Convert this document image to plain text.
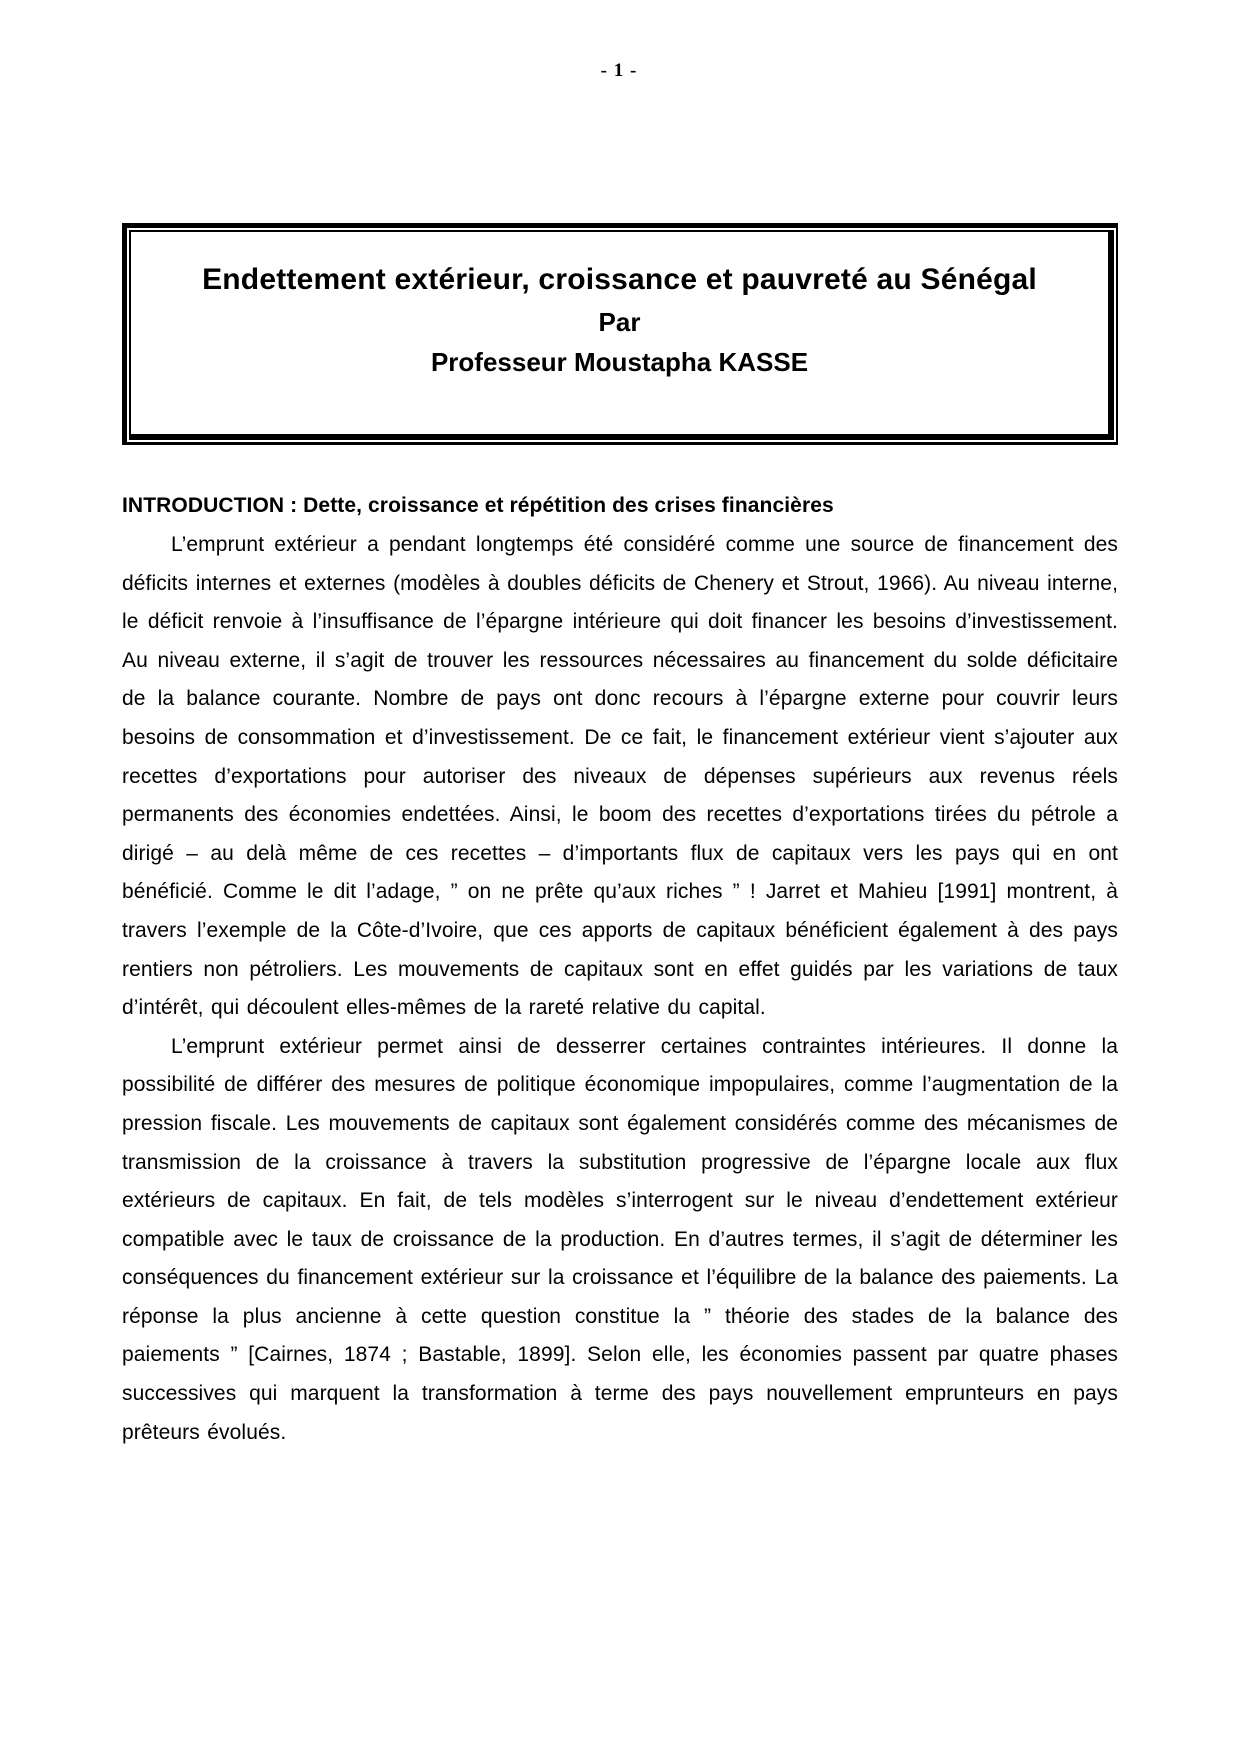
- 1 -
Endettement extérieur, croissance et pauvreté au Sénégal
Par
Professeur Moustapha KASSE
INTRODUCTION : Dette, croissance et répétition des crises financières

L’emprunt extérieur a pendant longtemps été considéré comme une source de financement des déficits internes et externes (modèles à doubles déficits de Chenery et Strout, 1966). Au niveau interne, le déficit renvoie à l’insuffisance de l’épargne intérieure qui doit financer les besoins d’investissement. Au niveau externe, il s’agit de trouver les ressources nécessaires au financement du solde déficitaire de la balance courante. Nombre de pays ont donc recours à l’épargne externe pour couvrir leurs besoins de consommation et d’investissement. De ce fait, le financement extérieur vient s’ajouter aux recettes d’exportations pour autoriser des niveaux de dépenses supérieurs aux revenus réels permanents des économies endettées. Ainsi, le boom des recettes d’exportations tirées du pétrole a dirigé – au delà même de ces recettes – d’importants flux de capitaux vers les pays qui en ont bénéficié. Comme le dit l’adage, ” on ne prête qu’aux riches ” ! Jarret et Mahieu [1991] montrent, à travers l’exemple de la Côte-d’Ivoire, que ces apports de capitaux bénéficient également à des pays rentiers non pétroliers. Les mouvements de capitaux sont en effet guidés par les variations de taux d’intérêt, qui découlent elles-mêmes de la rareté relative du capital.

L’emprunt extérieur permet ainsi de desserrer certaines contraintes intérieures. Il donne la possibilité de différer des mesures de politique économique impopulaires, comme l’augmentation de la pression fiscale. Les mouvements de capitaux sont également considérés comme des mécanismes de transmission de la croissance à travers la substitution progressive de l’épargne locale aux flux extérieurs de capitaux. En fait, de tels modèles s’interrogent sur le niveau d’endettement extérieur compatible avec le taux de croissance de la production. En d’autres termes, il s’agit de déterminer les conséquences du financement extérieur sur la croissance et l’équilibre de la balance des paiements. La réponse la plus ancienne à cette question constitue la ” théorie des stades de la balance des paiements ” [Cairnes, 1874 ; Bastable, 1899]. Selon elle, les économies passent par quatre phases successives qui marquent la transformation à terme des pays nouvellement emprunteurs en pays prêteurs évolués.
